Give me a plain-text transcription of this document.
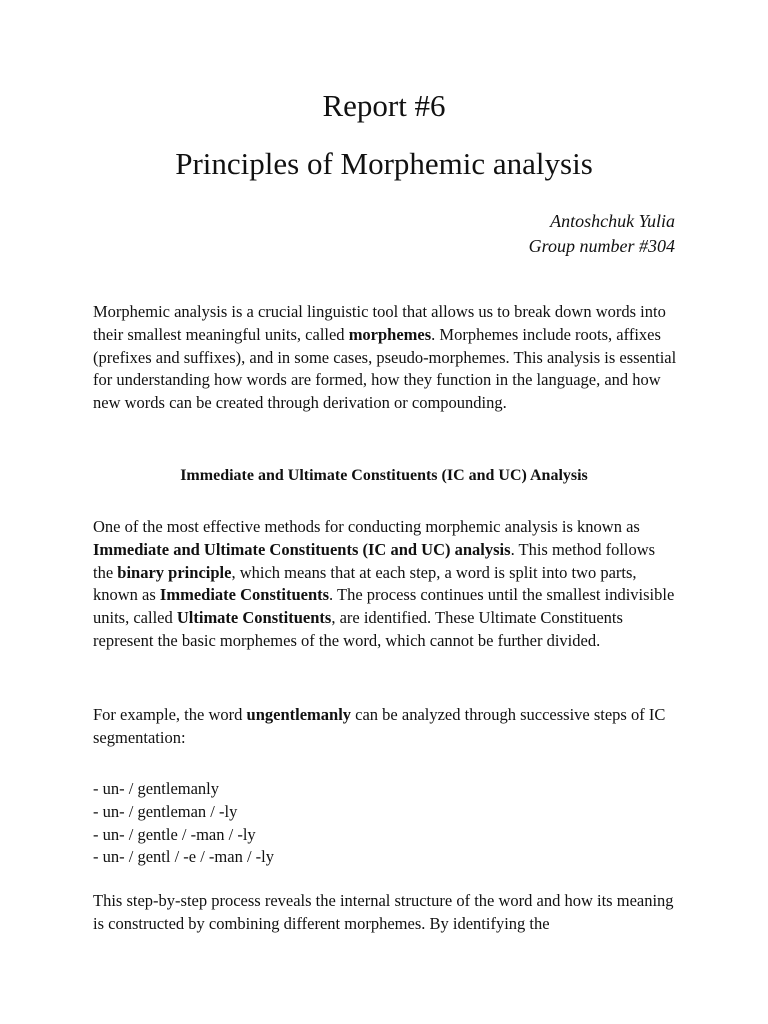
Report #6
Principles of Morphemic analysis
Antoshchuk Yulia
Group number #304

Morphemic analysis is a crucial linguistic tool that allows us to break down words into their smallest meaningful units, called morphemes. Morphemes include roots, affixes (prefixes and suffixes), and in some cases, pseudo-morphemes. This analysis is essential for understanding how words are formed, how they function in the language, and how new words can be created through derivation or compounding.

Immediate and Ultimate Constituents (IC and UC) Analysis

One of the most effective methods for conducting morphemic analysis is known as Immediate and Ultimate Constituents (IC and UC) analysis. This method follows the binary principle, which means that at each step, a word is split into two parts, known as Immediate Constituents. The process continues until the smallest indivisible units, called Ultimate Constituents, are identified. These Ultimate Constituents represent the basic morphemes of the word, which cannot be further divided.

For example, the word ungentlemanly can be analyzed through successive steps of IC segmentation:

- un- / gentlemanly
- un- / gentleman / -ly
- un- / gentle / -man / -ly
- un- / gentl / -e / -man / -ly

This step-by-step process reveals the internal structure of the word and how its meaning is constructed by combining different morphemes. By identifying the
